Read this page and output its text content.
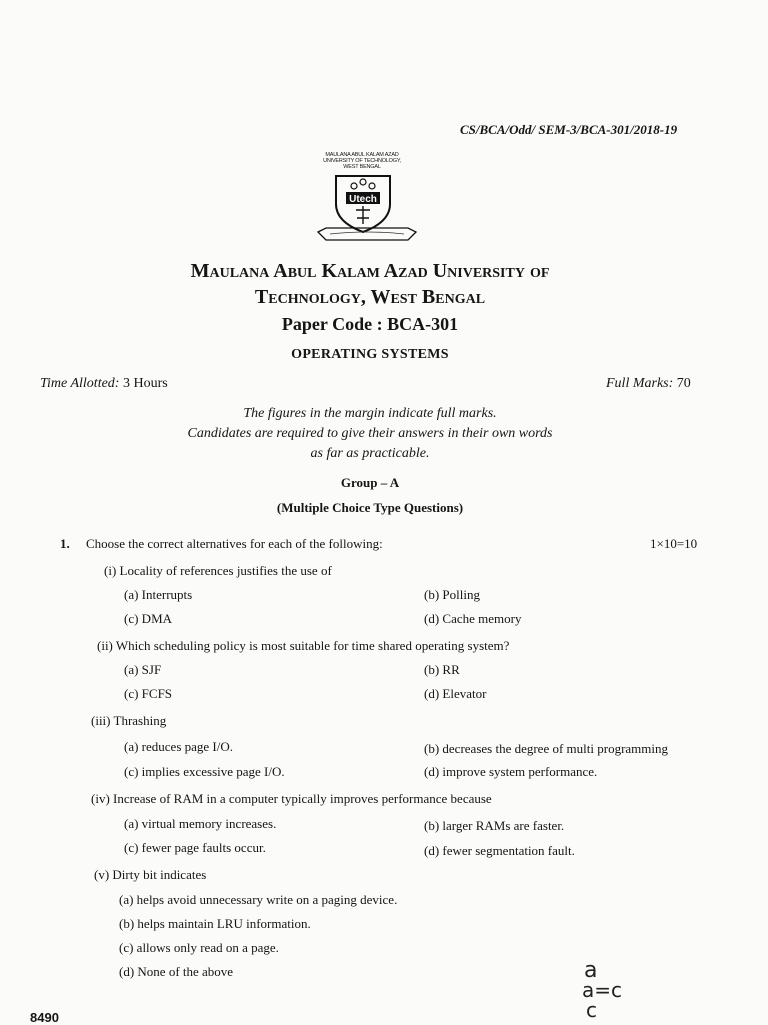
CS/BCA/Odd/ SEM-3/BCA-301/2018-19
MAULANA ABUL KALAM AZAD
UNIVERSITY OF TECHNOLOGY,
WEST BENGAL
Utech
Maulana Abul Kalam Azad University of
Technology, West Bengal
Paper Code : BCA-301
OPERATING SYSTEMS
Time Allotted: 3 Hours	Full Marks: 70
The figures in the margin indicate full marks.
Candidates are required to give their answers in their own words
as far as practicable.
Group – A
(Multiple Choice Type Questions)
1. Choose the correct alternatives for each of the following:	1×10=10
(i) Locality of references justifies the use of
(a) Interrupts	(b) Polling
(c) DMA	(d) Cache memory
(ii) Which scheduling policy is most suitable for time shared operating system?
(a) SJF	(b) RR
(c) FCFS	(d) Elevator
(iii) Thrashing
(a) reduces page I/O.	(b) decreases the degree of multi programming
(c) implies excessive page I/O.	(d) improve system performance.
(iv) Increase of RAM in a computer typically improves performance because
(a) virtual memory increases.	(b) larger RAMs are faster.
(c) fewer page faults occur.	(d) fewer segmentation fault.
(v) Dirty bit indicates
(a) helps avoid unnecessary write on a paging device.
(b) helps maintain LRU information.
(c) allows only read on a page.
(d) None of the above	a
a=c
c
8490
